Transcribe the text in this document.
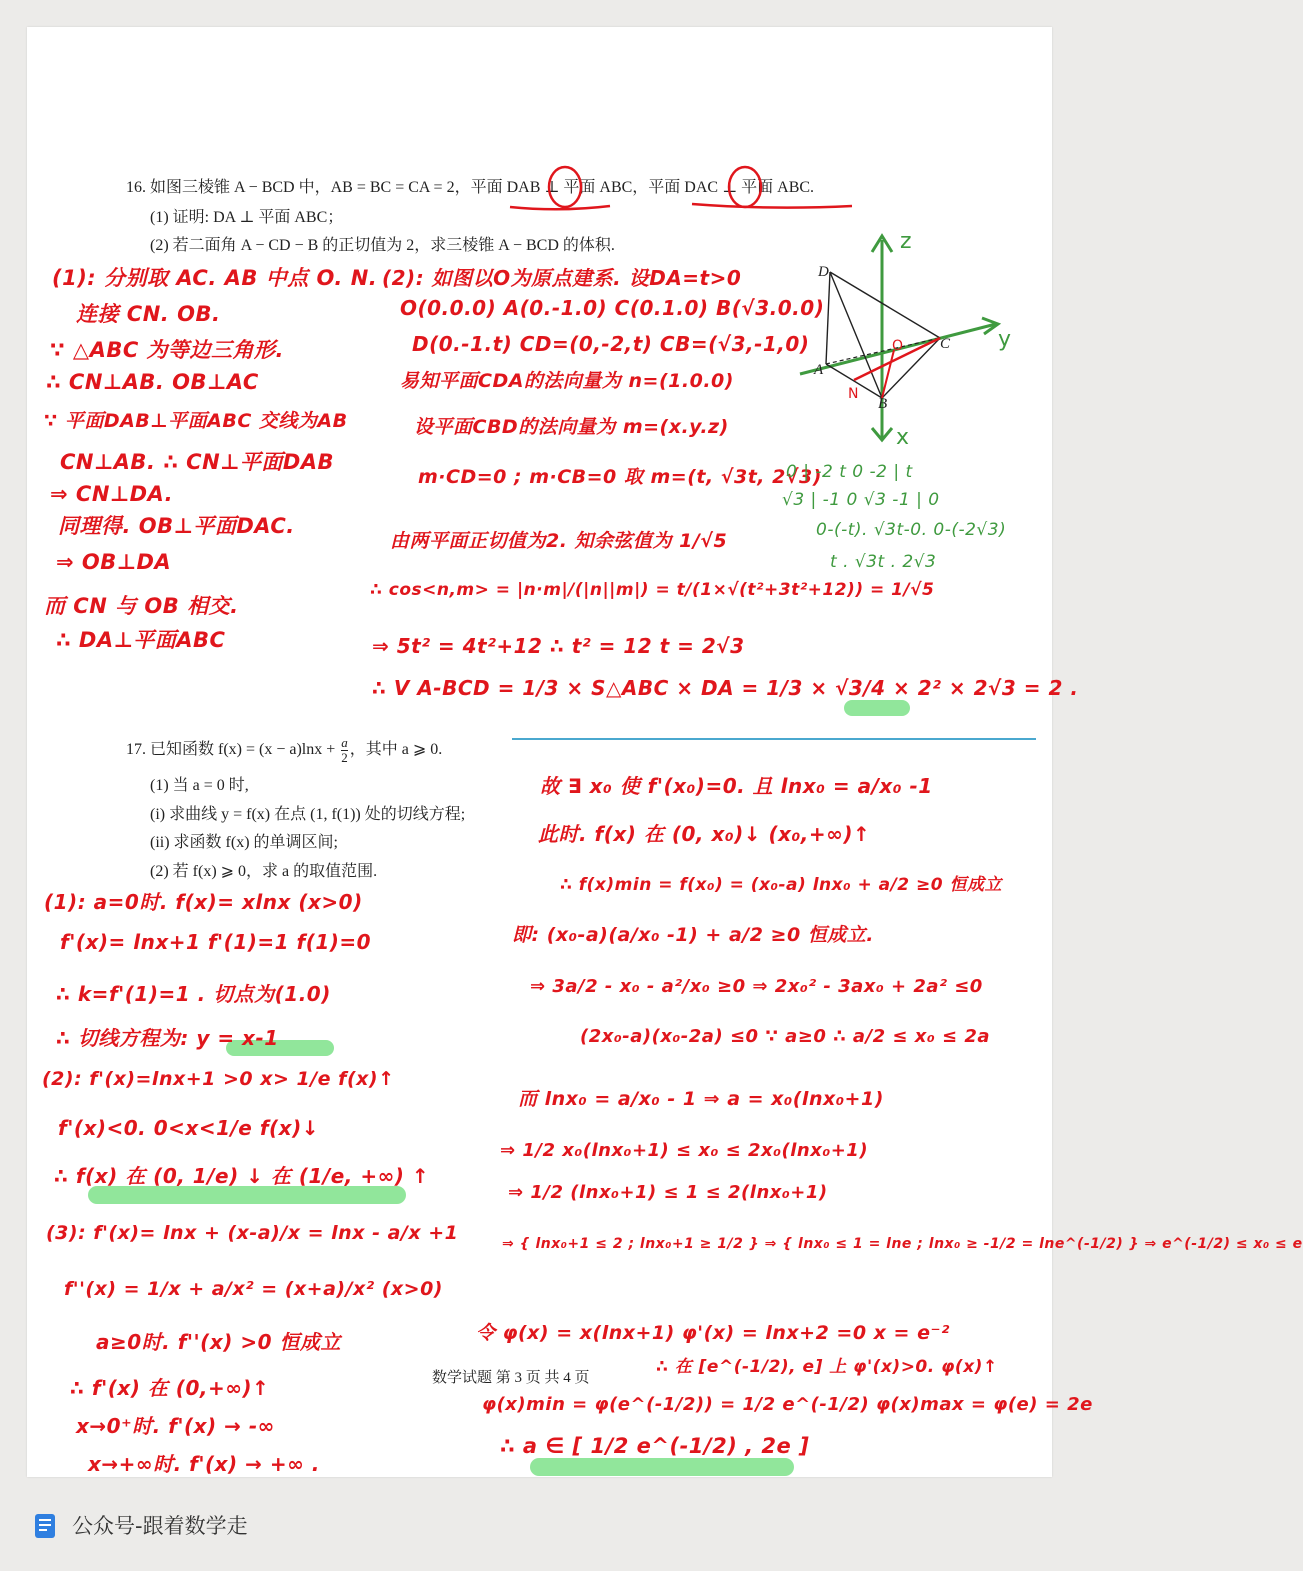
16. 如图三棱锥 A − BCD 中，AB = BC = CA = 2，平面 DAB ⊥ 平面 ABC，平面 DAC ⊥ 平面 ABC.
(1) 证明: DA ⊥ 平面 ABC；
(2) 若二面角 A − CD − B 的正切值为 2，求三棱锥 A − BCD 的体积.
(1): 分别取 AC. AB 中点 O. N.
连接 CN. OB.
∵ △ABC 为等边三角形.
∴ CN⊥AB. OB⊥AC
∵ 平面DAB⊥平面ABC 交线为AB
CN⊥AB. ∴ CN⊥平面DAB
⇒ CN⊥DA.
同理得. OB⊥平面DAC.
⇒ OB⊥DA
而 CN 与 OB 相交.
∴ DA⊥平面ABC
(2): 如图以O为原点建系. 设DA=t>0
O(0.0.0) A(0.-1.0) C(0.1.0) B(√3.0.0)
D(0.-1.t) CD=(0,-2,t) CB=(√3,-1,0)
易知平面CDA的法向量为 n=(1.0.0)
设平面CBD的法向量为 m=(x.y.z)
m·CD=0 ; m·CB=0 取 m=(t, √3t, 2√3)
由两平面正切值为2. 知余弦值为 1/√5
∴ cos<n,m> = |n·m|/(|n||m|) = t/(1×√(t²+3t²+12)) = 1/√5
⇒ 5t² = 4t²+12 ∴ t² = 12 t = 2√3
∴ V A-BCD = 1/3 × S△ABC × DA = 1/3 × √3/4 × 2² × 2√3 = 2 .
z
y
x
D
A
B
C
O
N
0 | -2 t 0 -2 | t
√3 | -1 0 √3 -1 | 0
0-(-t). √3t-0. 0-(-2√3)
t . √3t . 2√3
17. 已知函数 $f(x) = (x - a)\ln x + \frac{a}{2}$ ，其中 a ⩾ 0.
(1) 当 a = 0 时,
(i) 求曲线 y = f(x) 在点 (1, f(1)) 处的切线方程;
(ii) 求函数 f(x) 的单调区间;
(2) 若 f(x) ⩾ 0，求 a 的取值范围.
(1): a=0时. f(x)= xlnx (x>0)
f'(x)= lnx+1 f'(1)=1 f(1)=0
∴ k=f'(1)=1 . 切点为(1.0)
∴ 切线方程为: y = x-1
(2): f'(x)=lnx+1 >0 x> 1/e f(x)↑
f'(x)<0. 0<x<1/e f(x)↓
∴ f(x) 在 (0, 1/e) ↓ 在 (1/e, +∞) ↑
(3): f'(x)= lnx + (x-a)/x = lnx - a/x +1
f''(x) = 1/x + a/x² = (x+a)/x² (x>0)
a≥0时. f''(x) >0 恒成立
∴ f'(x) 在 (0,+∞)↑
x→0⁺时. f'(x) → -∞
x→+∞时. f'(x) → +∞ .
故 ∃ x₀ 使 f'(x₀)=0. 且 lnx₀ = a/x₀ -1
此时. f(x) 在 (0, x₀)↓ (x₀,+∞)↑
∴ f(x)min = f(x₀) = (x₀-a) lnx₀ + a/2 ≥0 恒成立
即: (x₀-a)(a/x₀ -1) + a/2 ≥0 恒成立.
⇒ 3a/2 - x₀ - a²/x₀ ≥0 ⇒ 2x₀² - 3ax₀ + 2a² ≤0
(2x₀-a)(x₀-2a) ≤0 ∵ a≥0 ∴ a/2 ≤ x₀ ≤ 2a
而 lnx₀ = a/x₀ - 1 ⇒ a = x₀(lnx₀+1)
⇒ 1/2 x₀(lnx₀+1) ≤ x₀ ≤ 2x₀(lnx₀+1)
⇒ 1/2 (lnx₀+1) ≤ 1 ≤ 2(lnx₀+1)
⇒ { lnx₀+1 ≤ 2 ; lnx₀+1 ≥ 1/2 } ⇒ { lnx₀ ≤ 1 = lne ; lnx₀ ≥ -1/2 = lne^(-1/2) } ⇒ e^(-1/2) ≤ x₀ ≤ e
令 φ(x) = x(lnx+1) φ'(x) = lnx+2 =0 x = e⁻²
∴ 在 [e^(-1/2), e] 上 φ'(x)>0. φ(x)↑
φ(x)min = φ(e^(-1/2)) = 1/2 e^(-1/2) φ(x)max = φ(e) = 2e
∴ a ∈ [ 1/2 e^(-1/2) , 2e ]
数学试题 第 3 页 共 4 页
公众号-跟着数学走
